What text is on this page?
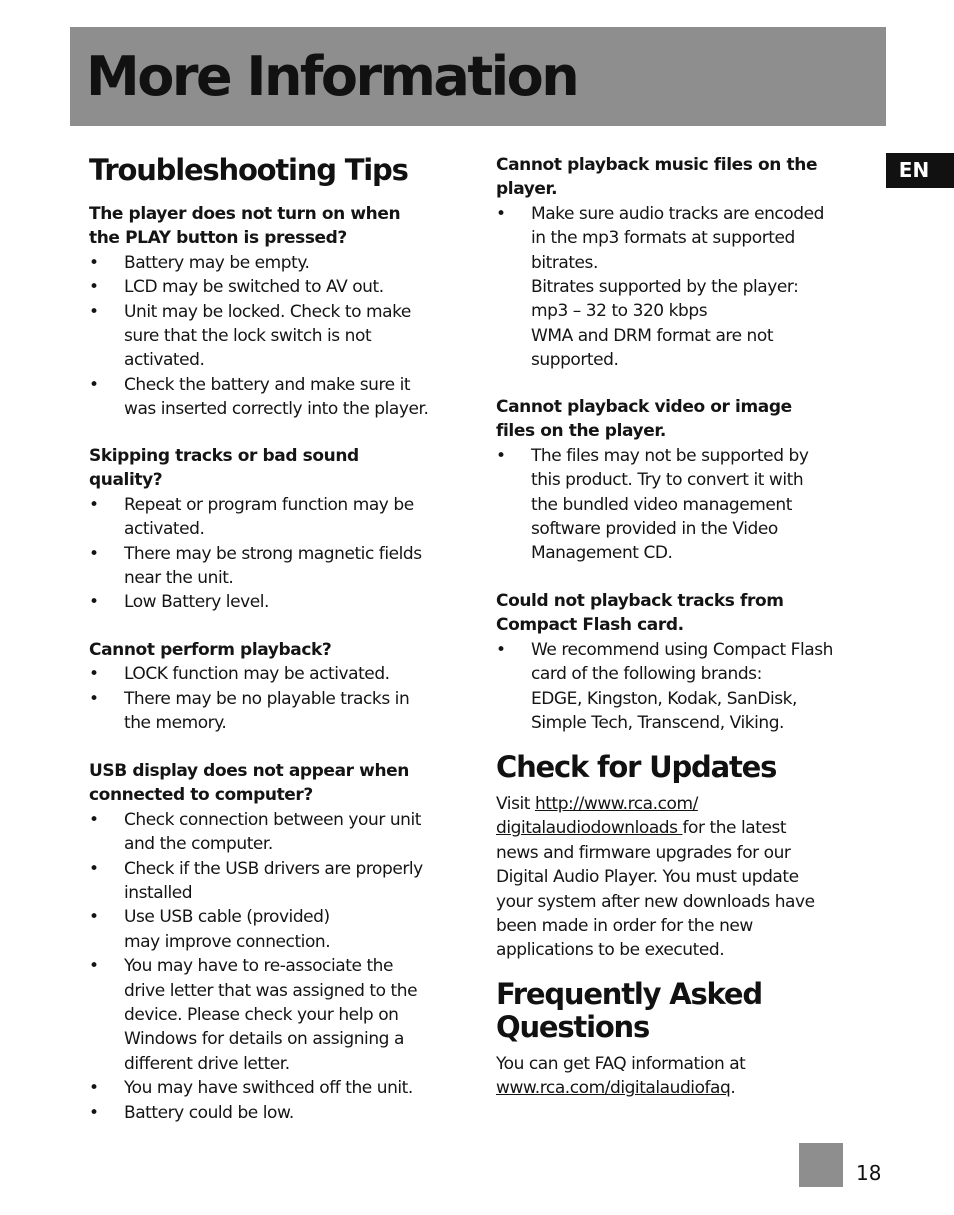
More Information
EN
Troubleshooting Tips

The player does not turn on when
the PLAY button is pressed?

•	Battery may be empty.
•	LCD may be switched to AV out.
•	Unit may be locked. Check to make
sure that the lock switch is not
activated.
•	Check the battery and make sure it
was inserted correctly into the player.

Skipping tracks or bad sound
quality?

•	Repeat or program function may be
activated.
•	There may be strong magnetic fields
near the unit.
•	Low Battery level.

Cannot perform playback?

•	LOCK function may be activated.
•	There may be no playable tracks in
the memory.

USB display does not appear when
connected to computer?

•	Check connection between your unit
and the computer.
•	Check if the USB drivers are properly
installed
•	Use USB cable (provided)
may improve connection.
•	You may have to re-associate the
drive letter that was assigned to the
device. Please check your help on
Windows for details on assigning a
different drive letter.
•	You may have swithced off the unit.
•	Battery could be low.

Cannot playback music files on the
player.

•	Make sure audio tracks are encoded
in the mp3 formats at supported
bitrates.
Bitrates supported by the player:
mp3 – 32 to 320 kbps
WMA and DRM format are not
supported.

Cannot playback video or image
files on the player.

•	The files may not be supported by
this product. Try to convert it with
the bundled video management
software provided in the Video
Management CD.

Could not playback tracks from
Compact Flash card.

•	We recommend using Compact Flash
card of the following brands:
EDGE, Kingston, Kodak, SanDisk,
Simple Tech, Transcend, Viking.
Check for Updates
Visit http://www.rca.com/
digitalaudiodownloads for the latest
news and firmware upgrades for our
Digital Audio Player. You must update
your system after new downloads have
been made in order for the new
applications to be executed.
Frequently Asked
Questions
You can get FAQ information at
www.rca.com/digitalaudiofaq.
18
